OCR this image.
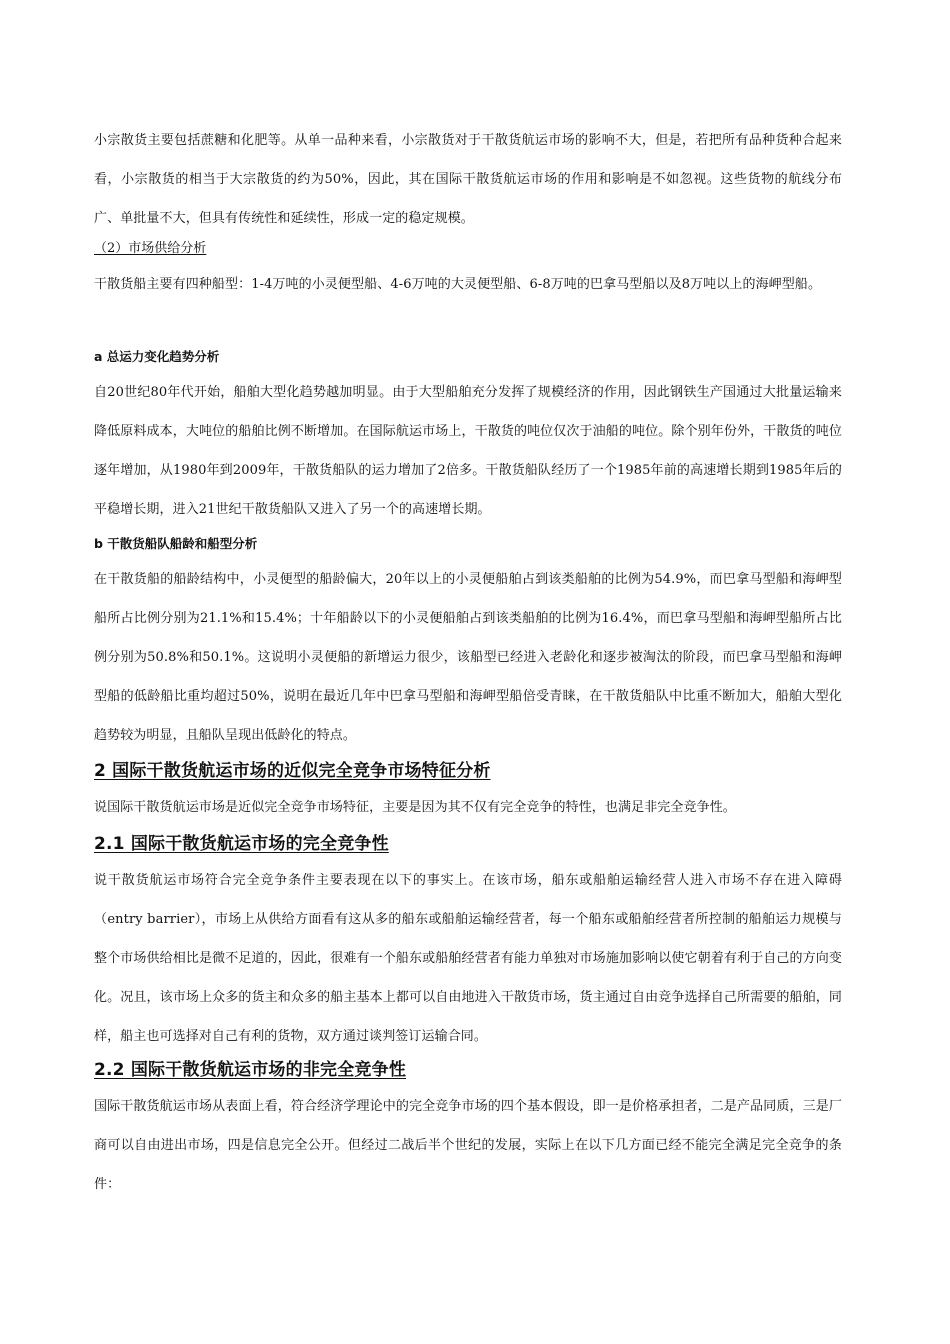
小宗散货主要包括蔗糖和化肥等。从单一品种来看，小宗散货对于干散货航运市场的影响不大，但是，若把所有品种货种合起来看，小宗散货的相当于大宗散货的约为50%，因此，其在国际干散货航运市场的作用和影响是不如忽视。这些货物的航线分布广、单批量不大，但具有传统性和延续性，形成一定的稳定规模。

（2）市场供给分析

干散货船主要有四种船型：1-4万吨的小灵便型船、4-6万吨的大灵便型船、6-8万吨的巴拿马型船以及8万吨以上的海岬型船。

a 总运力变化趋势分析

自20世纪80年代开始，船舶大型化趋势越加明显。由于大型船舶充分发挥了规模经济的作用，因此钢铁生产国通过大批量运输来降低原料成本，大吨位的船舶比例不断增加。在国际航运市场上，干散货的吨位仅次于油船的吨位。除个别年份外，干散货的吨位逐年增加，从1980年到2009年，干散货船队的运力增加了2倍多。干散货船队经历了一个1985年前的高速增长期到1985年后的平稳增长期，进入21世纪干散货船队又进入了另一个的高速增长期。

b 干散货船队船龄和船型分析

在干散货船的船龄结构中，小灵便型的船龄偏大，20年以上的小灵便船舶占到该类船舶的比例为54.9%，而巴拿马型船和海岬型船所占比例分别为21.1%和15.4%；十年船龄以下的小灵便船舶占到该类船舶的比例为16.4%，而巴拿马型船和海岬型船所占比例分别为50.8%和50.1%。这说明小灵便船的新增运力很少，该船型已经进入老龄化和逐步被淘汰的阶段，而巴拿马型船和海岬型船的低龄船比重均超过50%，说明在最近几年中巴拿马型船和海岬型船倍受青睐，在干散货船队中比重不断加大，船舶大型化趋势较为明显，且船队呈现出低龄化的特点。

2 国际干散货航运市场的近似完全竞争市场特征分析

说国际干散货航运市场是近似完全竞争市场特征，主要是因为其不仅有完全竞争的特性，也满足非完全竞争性。

2.1 国际干散货航运市场的完全竞争性

说干散货航运市场符合完全竞争条件主要表现在以下的事实上。在该市场，船东或船舶运输经营人进入市场不存在进入障碍（entry barrier），市场上从供给方面看有这从多的船东或船舶运输经营者，每一个船东或船舶经营者所控制的船舶运力规模与整个市场供给相比是微不足道的，因此，很难有一个船东或船舶经营者有能力单独对市场施加影响以使它朝着有利于自己的方向变化。况且，该市场上众多的货主和众多的船主基本上都可以自由地进入干散货市场，货主通过自由竞争选择自己所需要的船舶，同样，船主也可选择对自己有利的货物，双方通过谈判签订运输合同。

2.2 国际干散货航运市场的非完全竞争性

国际干散货航运市场从表面上看，符合经济学理论中的完全竞争市场的四个基本假设，即一是价格承担者，二是产品同质，三是厂商可以自由进出市场，四是信息完全公开。但经过二战后半个世纪的发展，实际上在以下几方面已经不能完全满足完全竞争的条件：
